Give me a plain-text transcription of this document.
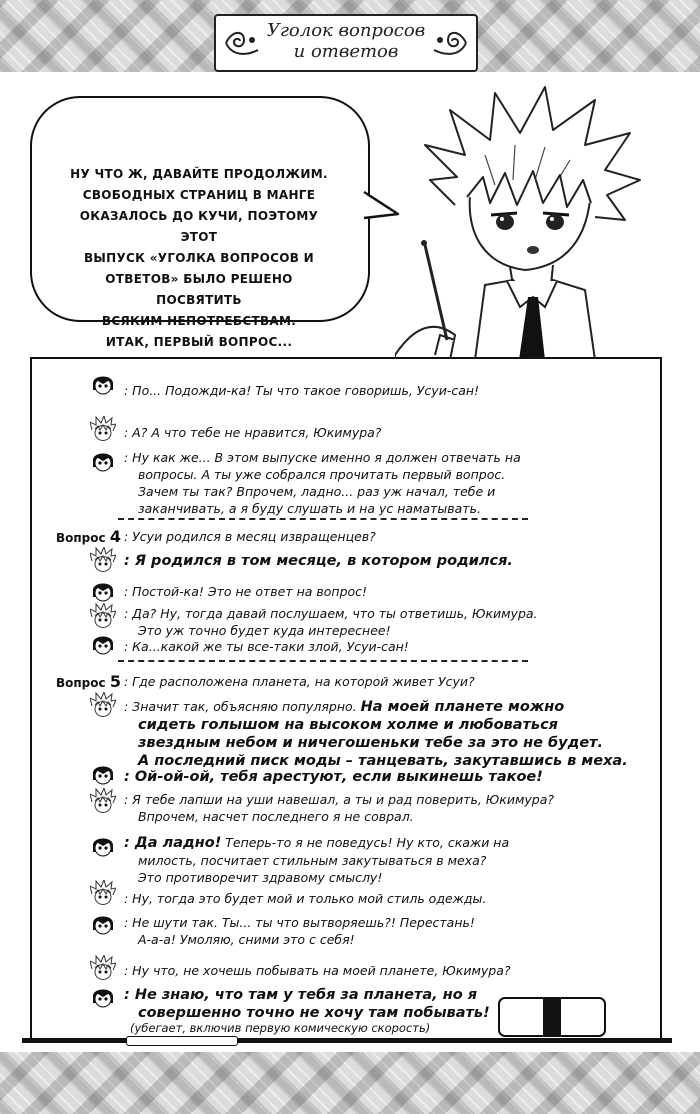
Уголок вопросов
и ответов
НУ ЧТО Ж, ДАВАЙТЕ ПРОДОЛЖИМ.
СВОБОДНЫХ СТРАНИЦ В МАНГЕ
ОКАЗАЛОСЬ ДО КУЧИ, ПОЭТОМУ ЭТОТ
ВЫПУСК «УГОЛКА ВОПРОСОВ И
ОТВЕТОВ» БЫЛО РЕШЕНО ПОСВЯТИТЬ
ВСЯКИМ НЕПОТРЕБСТВАМ.
ИТАК, ПЕРВЫЙ ВОПРОС...
: По... Подожди-ка! Ты что такое говоришь, Усуи-сан!
: А? А что тебе не нравится, Юкимура?
: Ну как же... В этом выпуске именно я должен отвечать на
вопросы. А ты уже собрался прочитать первый вопрос.
Зачем ты так? Впрочем, ладно... раз уж начал, тебе и
заканчивать, а я буду слушать и на ус наматывать.
Вопрос 4 : Усуи родился в месяц извращенцев?
: Я родился в том месяце, в котором родился.
: Постой-ка! Это не ответ на вопрос!
: Да? Ну, тогда давай послушаем, что ты ответишь, Юкимура.
Это уж точно будет куда интереснее!
: Ка...какой же ты все-таки злой, Усуи-сан!
Вопрос 5 : Где расположена планета, на которой живет Усуи?
: Значит так, объясняю популярно. На моей планете можно
сидеть голышом на высоком холме и любоваться
звездным небом и ничегошеньки тебе за это не будет.
А последний писк моды – танцевать, закутавшись в меха.
: Ой-ой-ой, тебя арестуют, если выкинешь такое!
: Я тебе лапши на уши навешал, а ты и рад поверить, Юкимура?
Впрочем, насчет последнего я не соврал.
: Да ладно! Теперь-то я не поведусь! Ну кто, скажи на
милость, посчитает стильным закутываться в меха?
Это противоречит здравому смыслу!
: Ну, тогда это будет мой и только мой стиль одежды.
: Не шути так. Ты... ты что вытворяешь?! Перестань!
А-а-а! Умоляю, сними это с себя!
: Ну что, не хочешь побывать на моей планете, Юкимура?
: Не знаю, что там у тебя за планета, но я
совершенно точно не хочу там побывать!
(убегает, включив первую комическую скорость)
